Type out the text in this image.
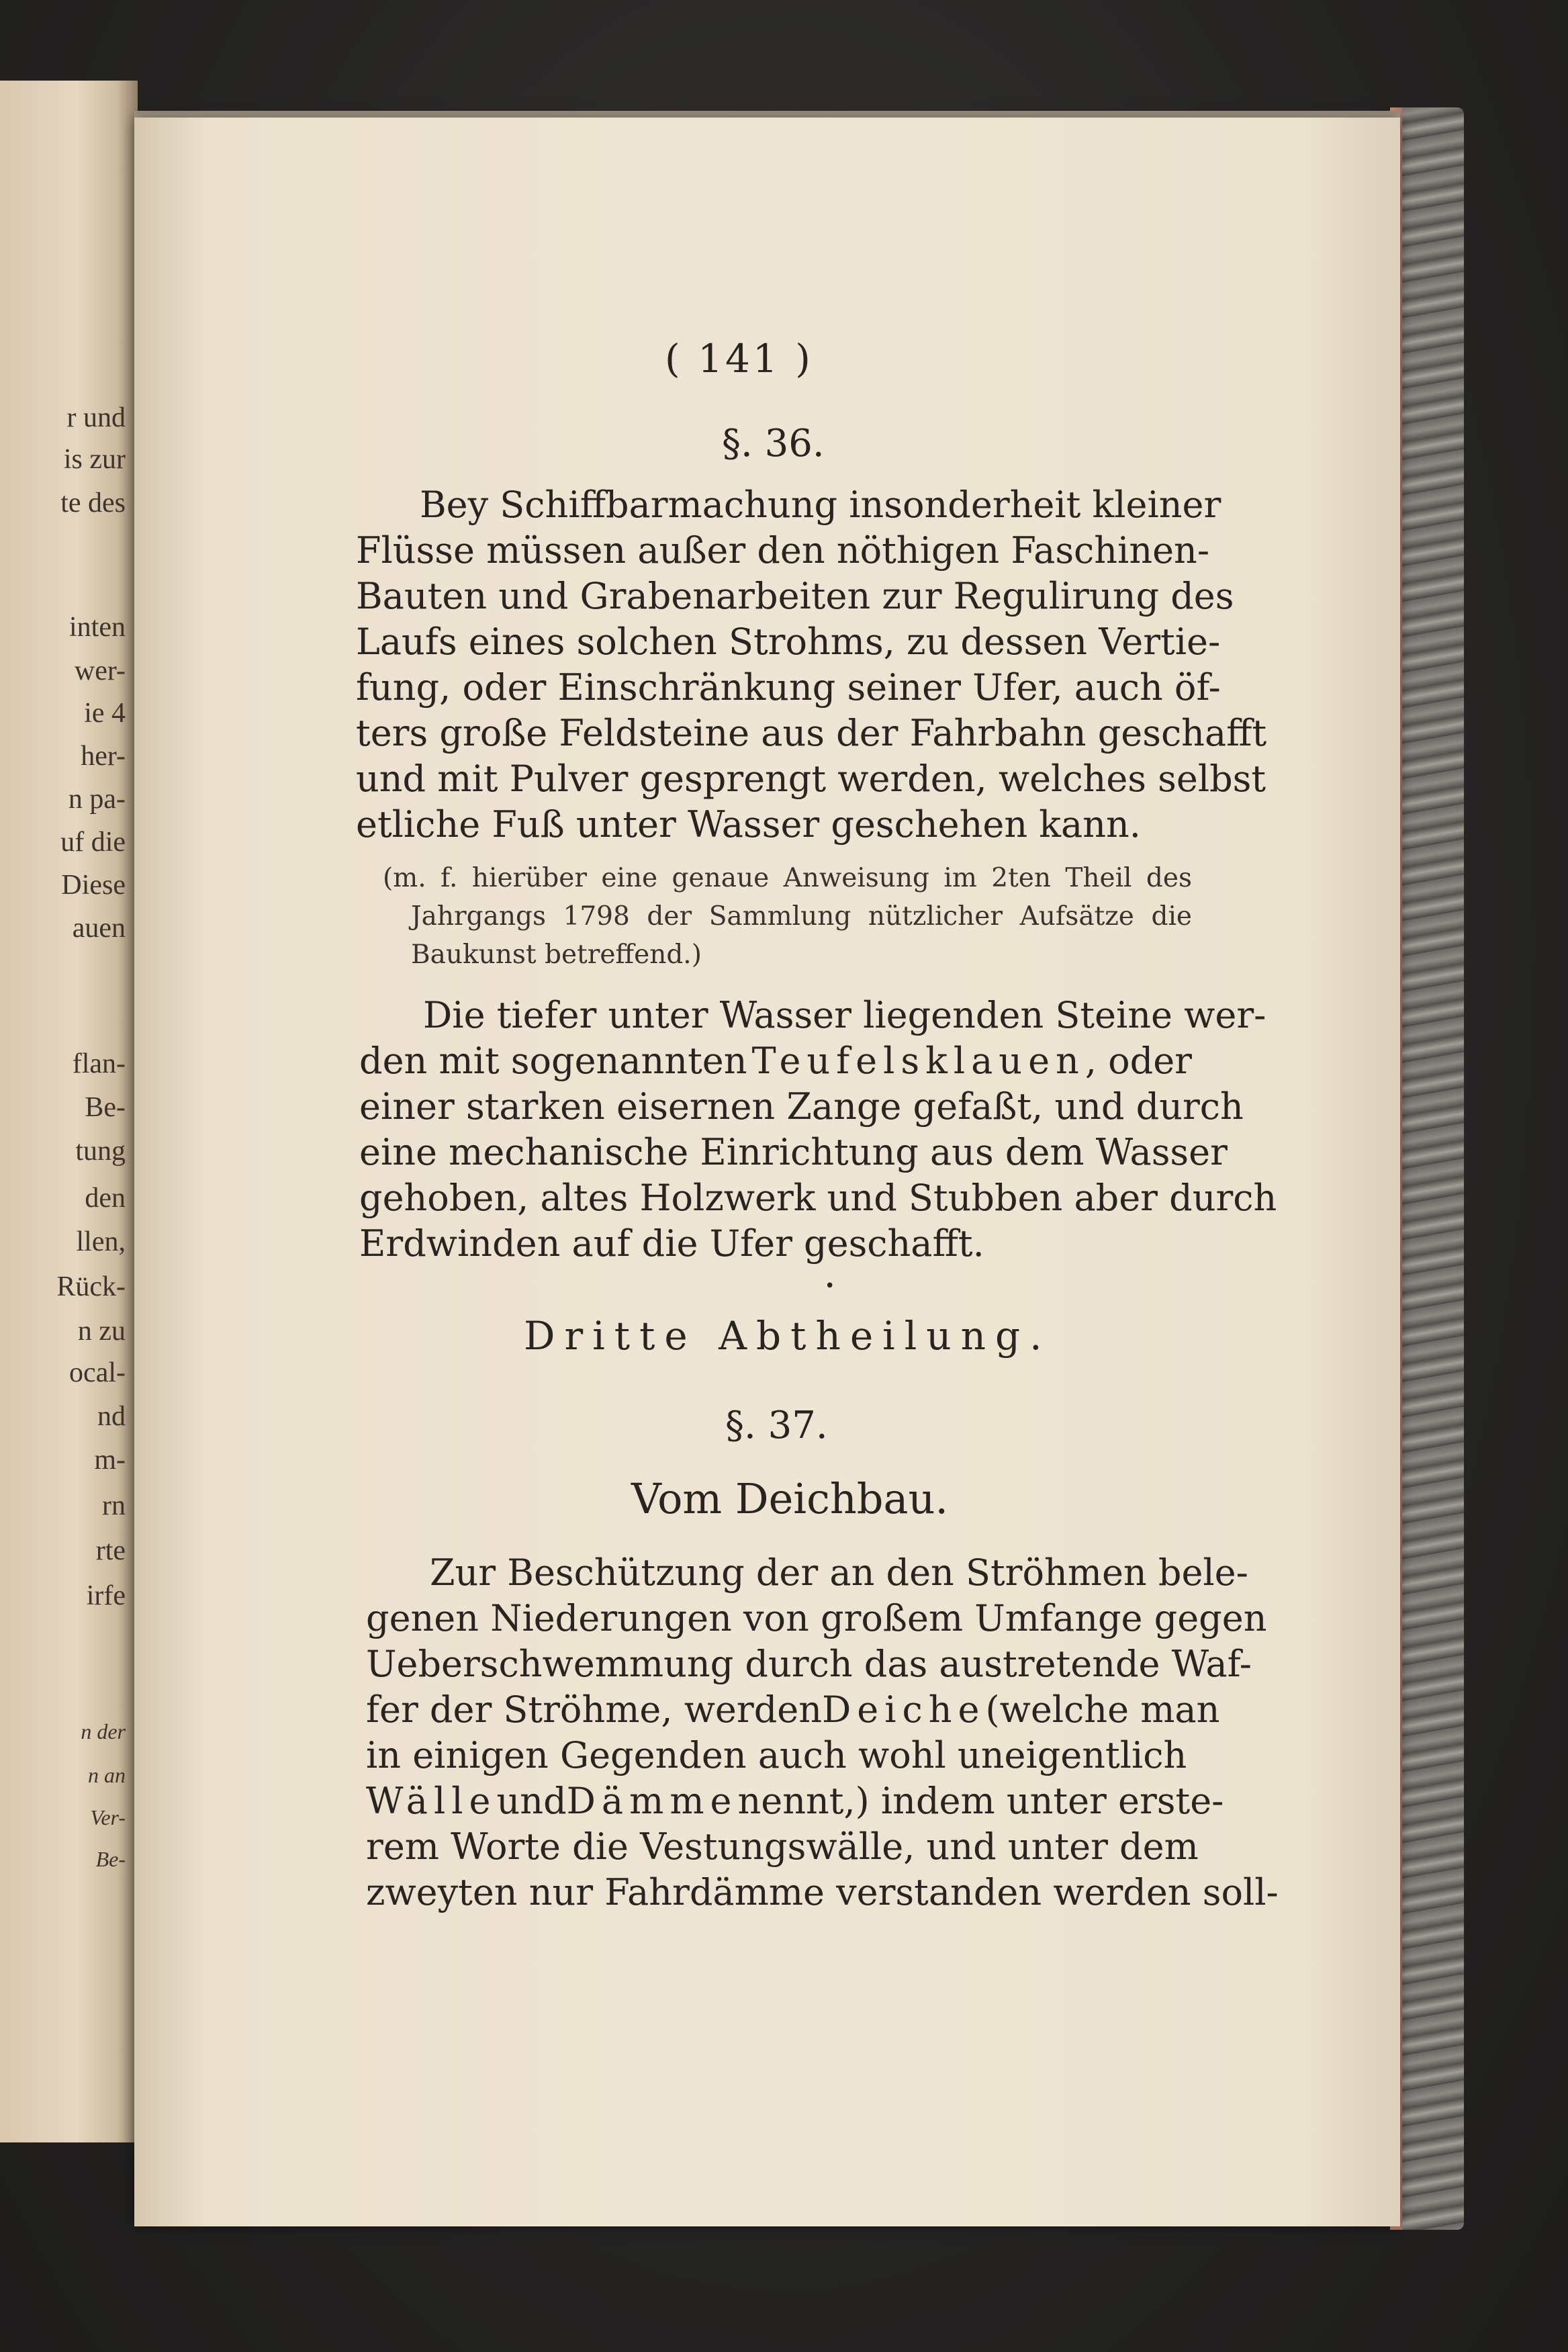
r und
is zur
te des
inten
wer-
ie 4
her-
n pa-
uf die
Diese
auen
flan-
Be-
tung
den
llen,
Rück-
n zu
ocal-
nd
m-
rn
rte
irfe
n der
n an
Ver-
Be-
( 141 )
§. 36.
Bey Schiffbarmachung insonderheit kleiner
Flüsse müssen außer den nöthigen Faschinen-
Bauten und Grabenarbeiten zur Regulirung des
Laufs eines solchen Strohms, zu dessen Vertie-
fung, oder Einschränkung seiner Ufer, auch öf-
ters große Feldsteine aus der Fahrbahn geschafft
und mit Pulver gesprengt werden, welches selbst
etliche Fuß unter Wasser geschehen kann.
(m. f. hierüber eine genaue Anweisung im 2ten Theil des
Jahrgangs 1798 der Sammlung nützlicher Aufsätze die
Baukunst betreffend.)
Die tiefer unter Wasser liegenden Steine wer-
den mit sogenannten Teufelsklauen, oder
einer starken eisernen Zange gefaßt, und durch
eine mechanische Einrichtung aus dem Wasser
gehoben, altes Holzwerk und Stubben aber durch
Erdwinden auf die Ufer geschafft.
•
Dritte Abtheilung.
§. 37.
Vom Deichbau.
Zur Beschützung der an den Ströhmen bele-
genen Niederungen von großem Umfange gegen
Ueberschwemmung durch das austretende Waf-
fer der Ströhme, werden Deiche (welche man
in einigen Gegenden auch wohl uneigentlich
Wälle und Dämme nennt,) indem unter erste-
rem Worte die Vestungswälle, und unter dem
zweyten nur Fahrdämme verstanden werden soll-
